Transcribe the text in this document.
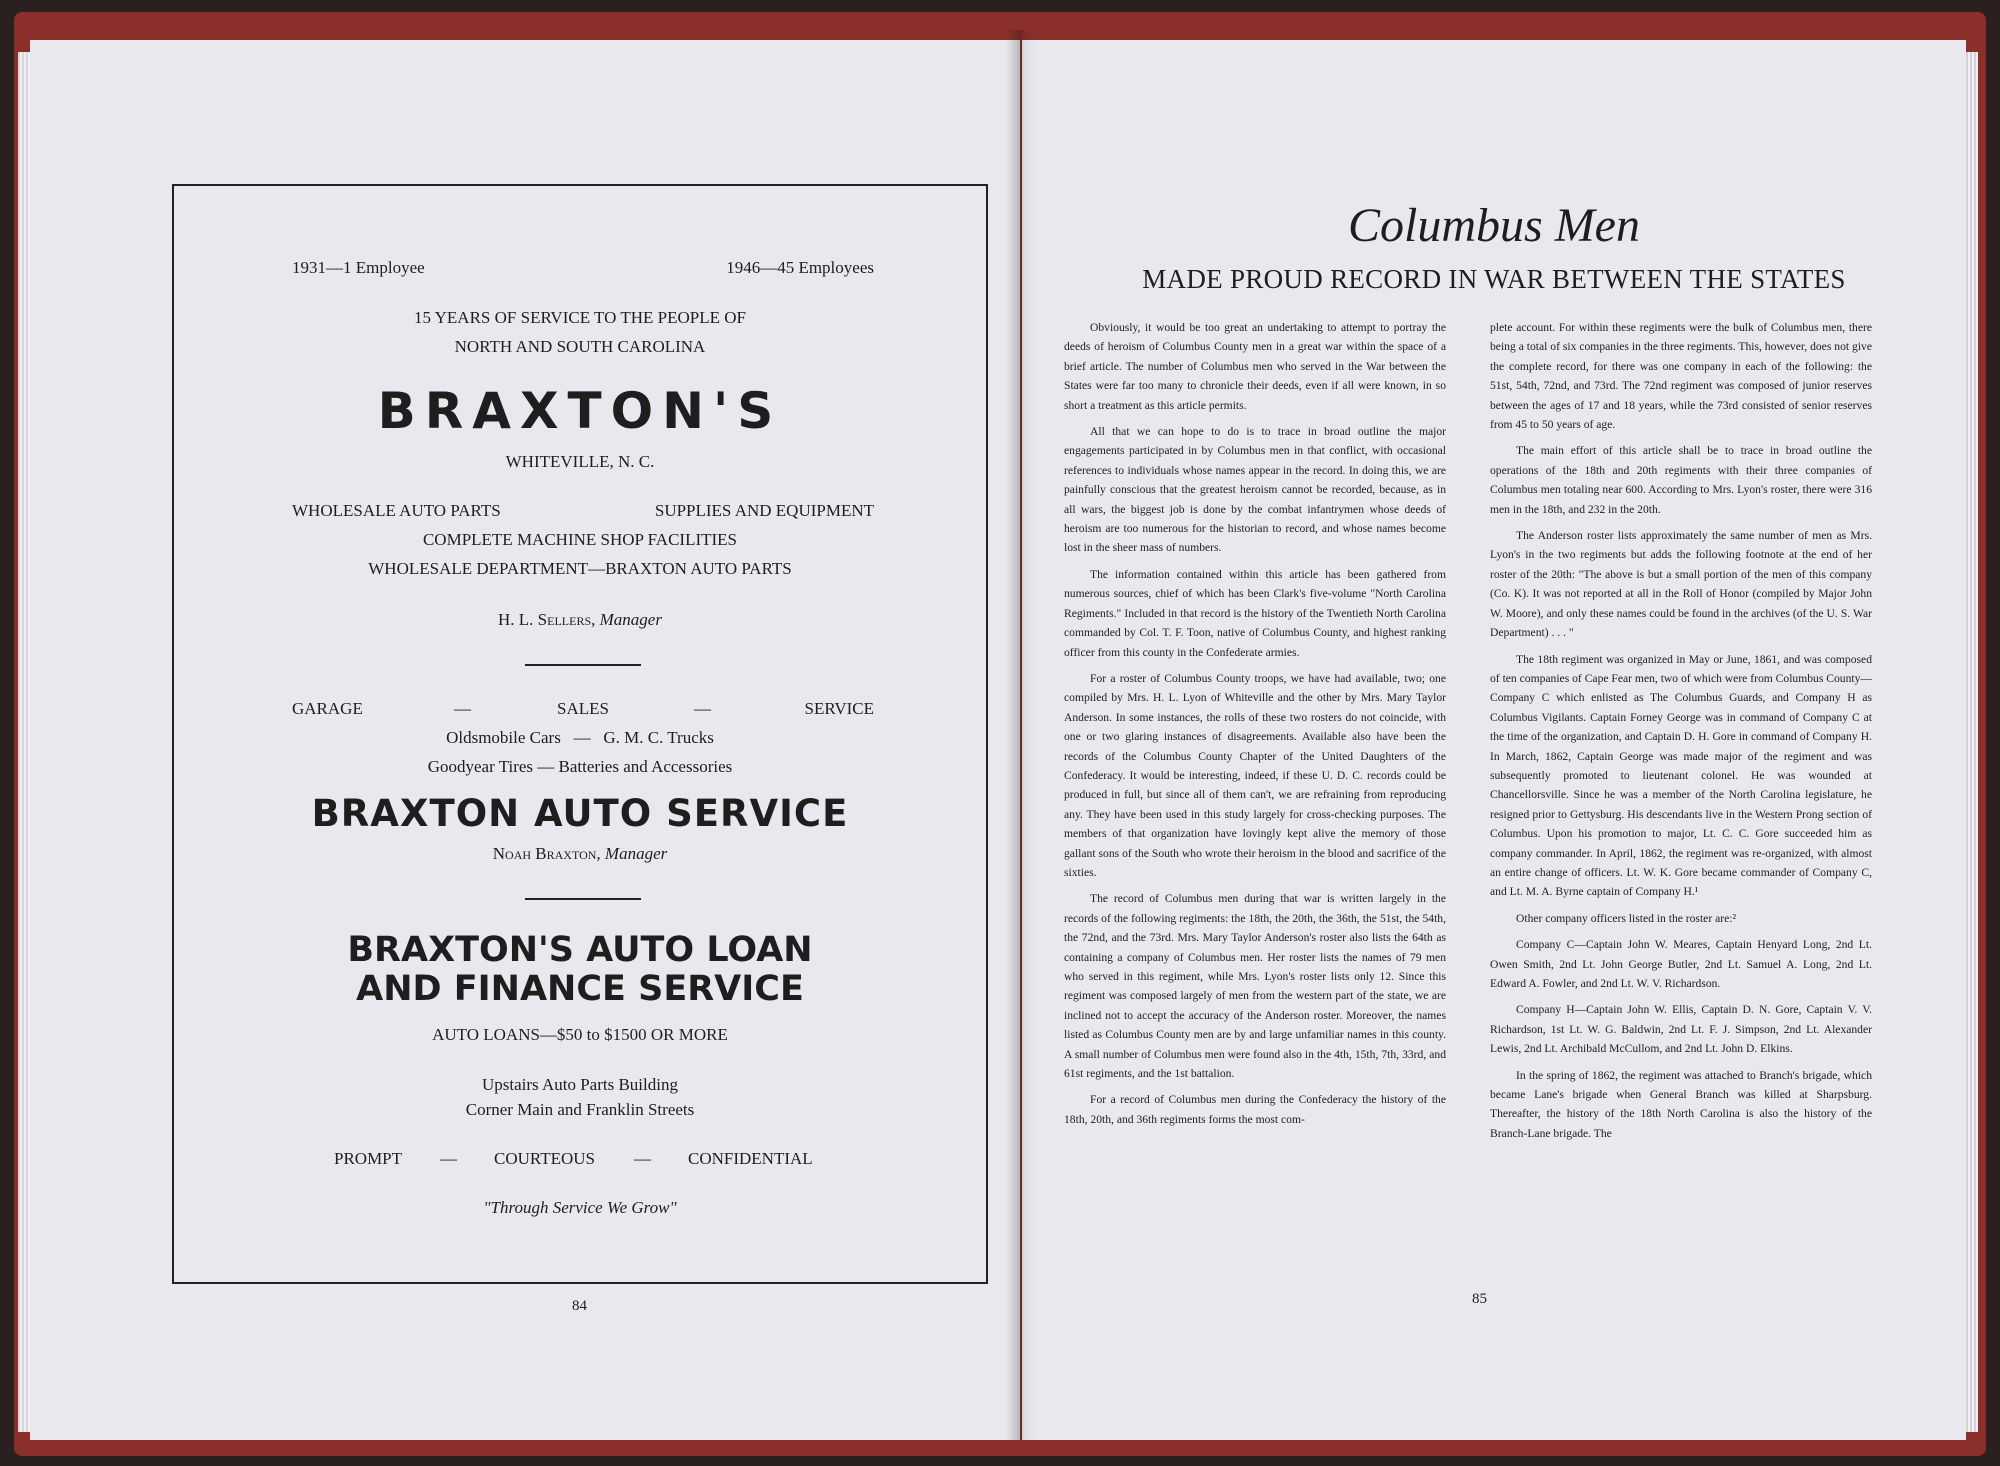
1931—1 Employee	1946—45 Employees
15 YEARS OF SERVICE TO THE PEOPLE OF
NORTH AND SOUTH CAROLINA
BRAXTON'S
WHITEVILLE, N. C.
WHOLESALE AUTO PARTS	SUPPLIES AND EQUIPMENT
COMPLETE MACHINE SHOP FACILITIES
WHOLESALE DEPARTMENT—BRAXTON AUTO PARTS
H. L. Sellers, Manager
GARAGE	—	SALES	—	SERVICE
Oldsmobile Cars — G. M. C. Trucks
Goodyear Tires — Batteries and Accessories
BRAXTON AUTO SERVICE
Noah Braxton, Manager
BRAXTON'S AUTO LOAN
AND FINANCE SERVICE
AUTO LOANS—$50 to $1500 OR MORE
Upstairs Auto Parts Building
Corner Main and Franklin Streets
PROMPT — COURTEOUS — CONFIDENTIAL
"Through Service We Grow"
84
Columbus Men
MADE PROUD RECORD IN WAR BETWEEN THE STATES

Obviously, it would be too great an undertaking to attempt to portray the deeds of heroism of Columbus County men in a great war within the space of a brief article. The number of Columbus men who served in the War between the States were far too many to chronicle their deeds, even if all were known, in so short a treatment as this article permits.

All that we can hope to do is to trace in broad outline the major engagements participated in by Columbus men in that conflict, with occasional references to individuals whose names appear in the record. In doing this, we are painfully conscious that the greatest heroism cannot be recorded, because, as in all wars, the biggest job is done by the combat infantrymen whose deeds of heroism are too numerous for the historian to record, and whose names become lost in the sheer mass of numbers.

The information contained within this article has been gathered from numerous sources, chief of which has been Clark's five-volume "North Carolina Regiments." Included in that record is the history of the Twentieth North Carolina commanded by Col. T. F. Toon, native of Columbus County, and highest ranking officer from this county in the Confederate armies.

For a roster of Columbus County troops, we have had available, two; one compiled by Mrs. H. L. Lyon of Whiteville and the other by Mrs. Mary Taylor Anderson. In some instances, the rolls of these two rosters do not coincide, with one or two glaring instances of disagreements. Available also have been the records of the Columbus County Chapter of the United Daughters of the Confederacy. It would be interesting, indeed, if these U. D. C. records could be produced in full, but since all of them can't, we are refraining from reproducing any. They have been used in this study largely for cross-checking purposes. The members of that organization have lovingly kept alive the memory of those gallant sons of the South who wrote their heroism in the blood and sacrifice of the sixties.

The record of Columbus men during that war is written largely in the records of the following regiments: the 18th, the 20th, the 36th, the 51st, the 54th, the 72nd, and the 73rd. Mrs. Mary Taylor Anderson's roster also lists the 64th as containing a company of Columbus men. Her roster lists the names of 79 men who served in this regiment, while Mrs. Lyon's roster lists only 12. Since this regiment was composed largely of men from the western part of the state, we are inclined not to accept the accuracy of the Anderson roster. Moreover, the names listed as Columbus County men are by and large unfamiliar names in this county. A small number of Columbus men were found also in the 4th, 15th, 7th, 33rd, and 61st regiments, and the 1st battalion.

For a record of Columbus men during the Confederacy the history of the 18th, 20th, and 36th regiments forms the most com-

plete account. For within these regiments were the bulk of Columbus men, there being a total of six companies in the three regiments. This, however, does not give the complete record, for there was one company in each of the following: the 51st, 54th, 72nd, and 73rd. The 72nd regiment was composed of junior reserves between the ages of 17 and 18 years, while the 73rd consisted of senior reserves from 45 to 50 years of age.

The main effort of this article shall be to trace in broad outline the operations of the 18th and 20th regiments with their three companies of Columbus men totaling near 600. According to Mrs. Lyon's roster, there were 316 men in the 18th, and 232 in the 20th.

The Anderson roster lists approximately the same number of men as Mrs. Lyon's in the two regiments but adds the following footnote at the end of her roster of the 20th: "The above is but a small portion of the men of this company (Co. K). It was not reported at all in the Roll of Honor (compiled by Major John W. Moore), and only these names could be found in the archives (of the U. S. War Department) . . . "

The 18th regiment was organized in May or June, 1861, and was composed of ten companies of Cape Fear men, two of which were from Columbus County—Company C which enlisted as The Columbus Guards, and Company H as Columbus Vigilants. Captain Forney George was in command of Company C at the time of the organization, and Captain D. H. Gore in command of Company H. In March, 1862, Captain George was made major of the regiment and was subsequently promoted to lieutenant colonel. He was wounded at Chancellorsville. Since he was a member of the North Carolina legislature, he resigned prior to Gettysburg. His descendants live in the Western Prong section of Columbus. Upon his promotion to major, Lt. C. C. Gore succeeded him as company commander. In April, 1862, the regiment was re-organized, with almost an entire change of officers. Lt. W. K. Gore became commander of Company C, and Lt. M. A. Byrne captain of Company H.¹

Other company officers listed in the roster are:²

Company C—Captain John W. Meares, Captain Henyard Long, 2nd Lt. Owen Smith, 2nd Lt. John George Butler, 2nd Lt. Samuel A. Long, 2nd Lt. Edward A. Fowler, and 2nd Lt. W. V. Richardson.

Company H—Captain John W. Ellis, Captain D. N. Gore, Captain V. V. Richardson, 1st Lt. W. G. Baldwin, 2nd Lt. F. J. Simpson, 2nd Lt. Alexander Lewis, 2nd Lt. Archibald McCullom, and 2nd Lt. John D. Elkins.

In the spring of 1862, the regiment was attached to Branch's brigade, which became Lane's brigade when General Branch was killed at Sharpsburg. Thereafter, the history of the 18th North Carolina is also the history of the Branch-Lane brigade. The

85
